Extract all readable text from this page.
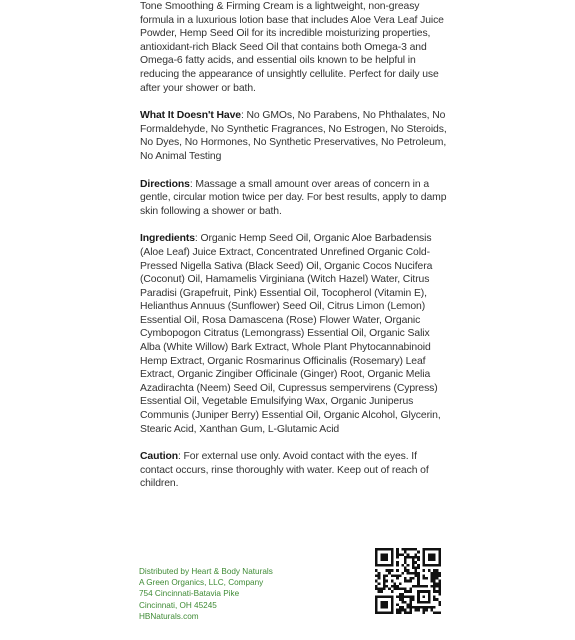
Tone Smoothing & Firming Cream is a lightweight, non-greasy formula in a luxurious lotion base that includes Aloe Vera Leaf Juice Powder, Hemp Seed Oil for its incredible moisturizing properties, antioxidant-rich Black Seed Oil that contains both Omega-3 and Omega-6 fatty acids, and essential oils known to be helpful in reducing the appearance of unsightly cellulite. Perfect for daily use after your shower or bath.

What It Doesn't Have: No GMOs, No Parabens, No Phthalates, No Formaldehyde, No Synthetic Fragrances, No Estrogen, No Steroids, No Dyes, No Hormones, No Synthetic Preservatives, No Petroleum, No Animal Testing

Directions: Massage a small amount over areas of concern in a gentle, circular motion twice per day. For best results, apply to damp skin following a shower or bath.

Ingredients: Organic Hemp Seed Oil, Organic Aloe Barbadensis (Aloe Leaf) Juice Extract, Concentrated Unrefined Organic Cold-Pressed Nigella Sativa (Black Seed) Oil, Organic Cocos Nucifera (Coconut) Oil, Hamamelis Virginiana (Witch Hazel) Water, Citrus Paradisi (Grapefruit, Pink) Essential Oil, Tocopherol (Vitamin E), Helianthus Annuus (Sunflower) Seed Oil, Citrus Limon (Lemon) Essential Oil, Rosa Damascena (Rose) Flower Water, Organic Cymbopogon Citratus (Lemongrass) Essential Oil, Organic Salix Alba (White Willow) Bark Extract, Whole Plant Phytocannabinoid Hemp Extract, Organic Rosmarinus Officinalis (Rosemary) Leaf Extract, Organic Zingiber Officinale (Ginger) Root, Organic Melia Azadirachta (Neem) Seed Oil, Cupressus sempervirens (Cypress) Essential Oil, Vegetable Emulsifying Wax, Organic Juniperus Communis (Juniper Berry) Essential Oil, Organic Alcohol, Glycerin, Stearic Acid, Xanthan Gum, L-Glutamic Acid

Caution: For external use only. Avoid contact with the eyes. If contact occurs, rinse thoroughly with water. Keep out of reach of children.

Distributed by Heart & Body Naturals
A Green Organics, LLC, Company
754 Cincinnati-Batavia Pike
Cincinnati, OH 45245
HBNaturals.com
